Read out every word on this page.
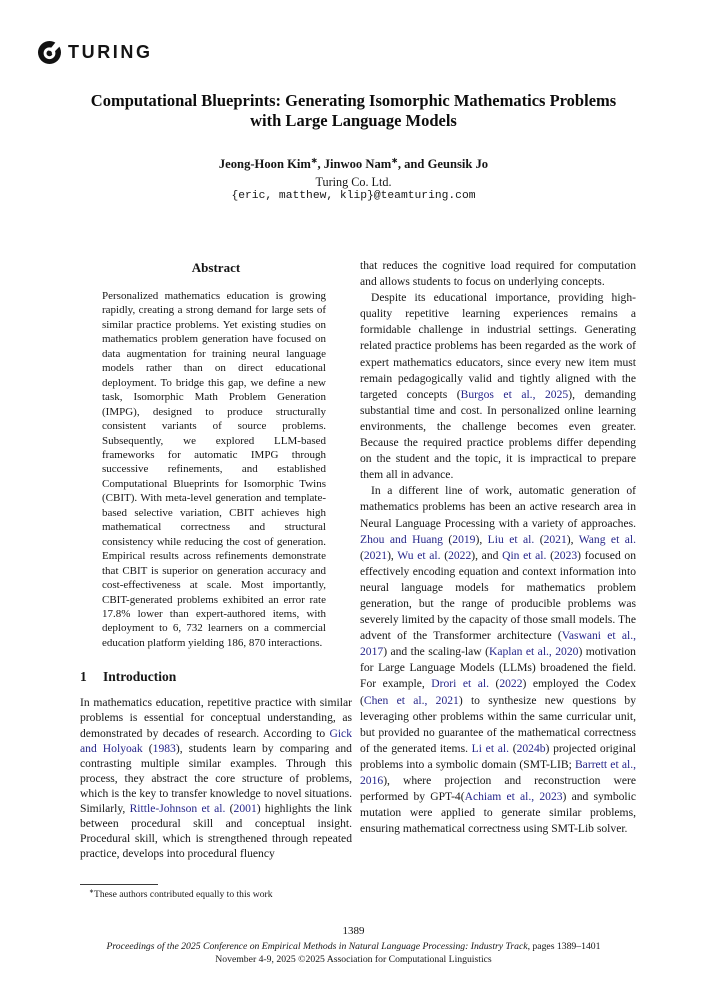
TURING
Computational Blueprints: Generating Isomorphic Mathematics Problems
with Large Language Models
Jeong-Hoon Kim∗, Jinwoo Nam∗, and Geunsik Jo
Turing Co. Ltd.
{eric, matthew, klip}@teamturing.com
Abstract
Personalized mathematics education is growing rapidly, creating a strong demand for large sets of similar practice problems. Yet existing studies on mathematics problem generation have focused on data augmentation for training neural language models rather than on direct educational deployment. To bridge this gap, we define a new task, Isomorphic Math Problem Generation (IMPG), designed to produce structurally consistent variants of source problems. Subsequently, we explored LLM-based frameworks for automatic IMPG through successive refinements, and established Computational Blueprints for Isomorphic Twins (CBIT). With meta-level generation and template-based selective variation, CBIT achieves high mathematical correctness and structural consistency while reducing the cost of generation. Empirical results across refinements demonstrate that CBIT is superior on generation accuracy and cost-effectiveness at scale. Most importantly, CBIT-generated problems exhibited an error rate 17.8% lower than expert-authored items, with deployment to 6, 732 learners on a commercial education platform yielding 186, 870 interactions.
1 Introduction

In mathematics education, repetitive practice with similar problems is essential for conceptual understanding, as demonstrated by decades of research. According to Gick and Holyoak (1983), students learn by comparing and contrasting multiple similar examples. Through this process, they abstract the core structure of problems, which is the key to transfer knowledge to novel situations. Similarly, Rittle-Johnson et al. (2001) highlights the link between procedural skill and conceptual insight. Procedural skill, which is strengthened through repeated practice, develops into procedural fluency

that reduces the cognitive load required for computation and allows students to focus on underlying concepts.

Despite its educational importance, providing high-quality repetitive learning experiences remains a formidable challenge in industrial settings. Generating related practice problems has been regarded as the work of expert mathematics educators, since every new item must remain pedagogically valid and tightly aligned with the targeted concepts (Burgos et al., 2025), demanding substantial time and cost. In personalized online learning environments, the challenge becomes even greater. Because the required practice problems differ depending on the student and the topic, it is impractical to prepare them all in advance.

In a different line of work, automatic generation of mathematics problems has been an active research area in Neural Language Processing with a variety of approaches. Zhou and Huang (2019), Liu et al. (2021), Wang et al. (2021), Wu et al. (2022), and Qin et al. (2023) focused on effectively encoding equation and context information into neural language models for mathematics problem generation, but the range of producible problems was severely limited by the capacity of those small models. The advent of the Transformer architecture (Vaswani et al., 2017) and the scaling-law (Kaplan et al., 2020) motivation for Large Language Models (LLMs) broadened the field. For example, Drori et al. (2022) employed the Codex (Chen et al., 2021) to synthesize new questions by leveraging other problems within the same curricular unit, but provided no guarantee of the mathematical correctness of the generated items. Li et al. (2024b) projected original problems into a symbolic domain (SMT-LIB; Barrett et al., 2016), where projection and reconstruction were performed by GPT-4(Achiam et al., 2023) and symbolic mutation were applied to generate similar problems, ensuring mathematical correctness using SMT-Lib solver.

∗These authors contributed equally to this work
1389
Proceedings of the 2025 Conference on Empirical Methods in Natural Language Processing: Industry Track, pages 1389–1401
November 4-9, 2025 ©2025 Association for Computational Linguistics
